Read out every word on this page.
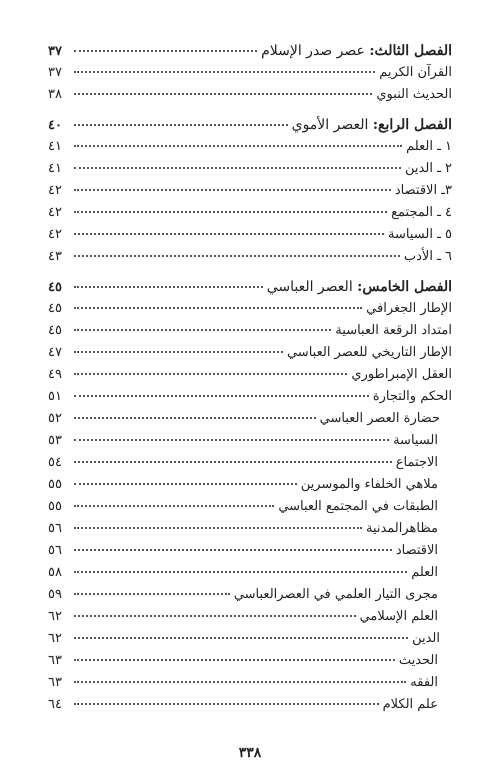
الفصل الثالث: عصر صدر الإسلام
٣٧
القرآن الكريم
٣٧
الحديث النبوي
٣٨
الفصل الرابع: العصر الأموي
٤٠
١ ـ العلم
٤١
٢ ـ الدين
٤١
٣ـ الاقتصاد
٤٢
٤ ـ المجتمع
٤٢
٥ ـ السياسة
٤٢
٦ ـ الأدب
٤٣
الفصل الخامس: العصر العباسي
٤٥
الإطار الجغرافي
٤٥
امتداد الرقعة العباسية
٤٥
الإطار التاريخي للعصر العباسي
٤٧
العقل الإمبراطوري
٤٩
الحكم والتجارة
٥١
حضارة العصر العباسي
٥٢
السياسة
٥٣
الاجتماع
٥٤
ملاهي الخلفاء والموسرين
٥٥
الطبقات في المجتمع العباسي
٥٥
مظاهرالمدنية
٥٦
الاقتصاد
٥٦
العلم
٥٨
مجرى التيار العلمي في العصرالعباسي
٥٩
العلم الإسلامي
٦٢
الدين
٦٢
الحديث
٦٣
الفقه
٦٣
علم الكلام
٦٤
٣٣٨
